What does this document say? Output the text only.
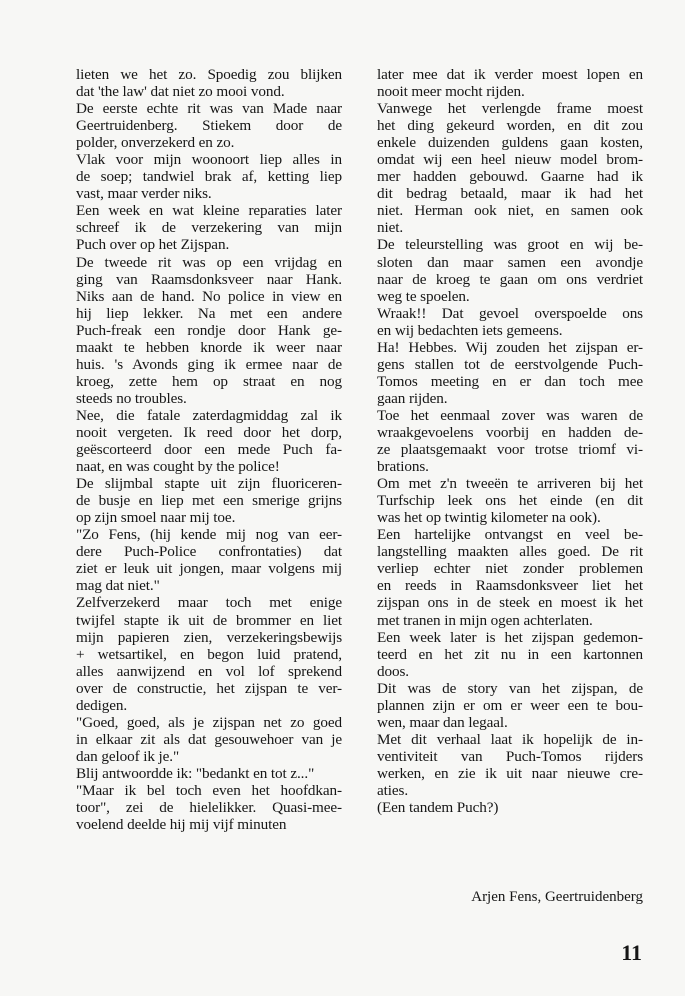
lieten we het zo. Spoedig zou blijken
dat 'the law' dat niet zo mooi vond.

De eerste echte rit was van Made naar
Geertruidenberg. Stiekem door de
polder, onverzekerd en zo.

Vlak voor mijn woonoort liep alles in
de soep; tandwiel brak af, ketting liep
vast, maar verder niks.

Een week en wat kleine reparaties later
schreef ik de verzekering van mijn
Puch over op het Zijspan.

De tweede rit was op een vrijdag en
ging van Raamsdonksveer naar Hank.
Niks aan de hand. No police in view en
hij liep lekker. Na met een andere
Puch-freak een rondje door Hank ge-
maakt te hebben knorde ik weer naar
huis. 's Avonds ging ik ermee naar de
kroeg, zette hem op straat en nog
steeds no troubles.

Nee, die fatale zaterdagmiddag zal ik
nooit vergeten. Ik reed door het dorp,
geëscorteerd door een mede Puch fa-
naat, en was cought by the police!

De slijmbal stapte uit zijn fluoriceren-
de busje en liep met een smerige grijns
op zijn smoel naar mij toe.

"Zo Fens, (hij kende mij nog van eer-
dere Puch-Police confrontaties) dat
ziet er leuk uit jongen, maar volgens mij
mag dat niet."

Zelfverzekerd maar toch met enige
twijfel stapte ik uit de brommer en liet
mijn papieren zien, verzekeringsbewijs
+ wetsartikel, en begon luid pratend,
alles aanwijzend en vol lof sprekend
over de constructie, het zijspan te ver-
dedigen.

"Goed, goed, als je zijspan net zo goed
in elkaar zit als dat gesouwehoer van je
dan geloof ik je."

Blij antwoordde ik: "bedankt en tot z..."

"Maar ik bel toch even het hoofdkan-
toor", zei de hielelikker. Quasi-mee-
voelend deelde hij mij vijf minuten

later mee dat ik verder moest lopen en
nooit meer mocht rijden.

Vanwege het verlengde frame moest
het ding gekeurd worden, en dit zou
enkele duizenden guldens gaan kosten,
omdat wij een heel nieuw model brom-
mer hadden gebouwd. Gaarne had ik
dit bedrag betaald, maar ik had het
niet. Herman ook niet, en samen ook
niet.

De teleurstelling was groot en wij be-
sloten dan maar samen een avondje
naar de kroeg te gaan om ons verdriet
weg te spoelen.

Wraak!! Dat gevoel overspoelde ons
en wij bedachten iets gemeens.

Ha! Hebbes. Wij zouden het zijspan er-
gens stallen tot de eerstvolgende Puch-
Tomos meeting en er dan toch mee
gaan rijden.

Toe het eenmaal zover was waren de
wraakgevoelens voorbij en hadden de-
ze plaatsgemaakt voor trotse triomf vi-
brations.

Om met z'n tweeën te arriveren bij het
Turfschip leek ons het einde (en dit
was het op twintig kilometer na ook).

Een hartelijke ontvangst en veel be-
langstelling maakten alles goed. De rit
verliep echter niet zonder problemen
en reeds in Raamsdonksveer liet het
zijspan ons in de steek en moest ik het
met tranen in mijn ogen achterlaten.

Een week later is het zijspan gedemon-
teerd en het zit nu in een kartonnen
doos.

Dit was de story van het zijspan, de
plannen zijn er om er weer een te bou-
wen, maar dan legaal.

Met dit verhaal laat ik hopelijk de in-
ventiviteit van Puch-Tomos rijders
werken, en zie ik uit naar nieuwe cre-
aties.

(Een tandem Puch?)

Arjen Fens, Geertruidenberg
11
